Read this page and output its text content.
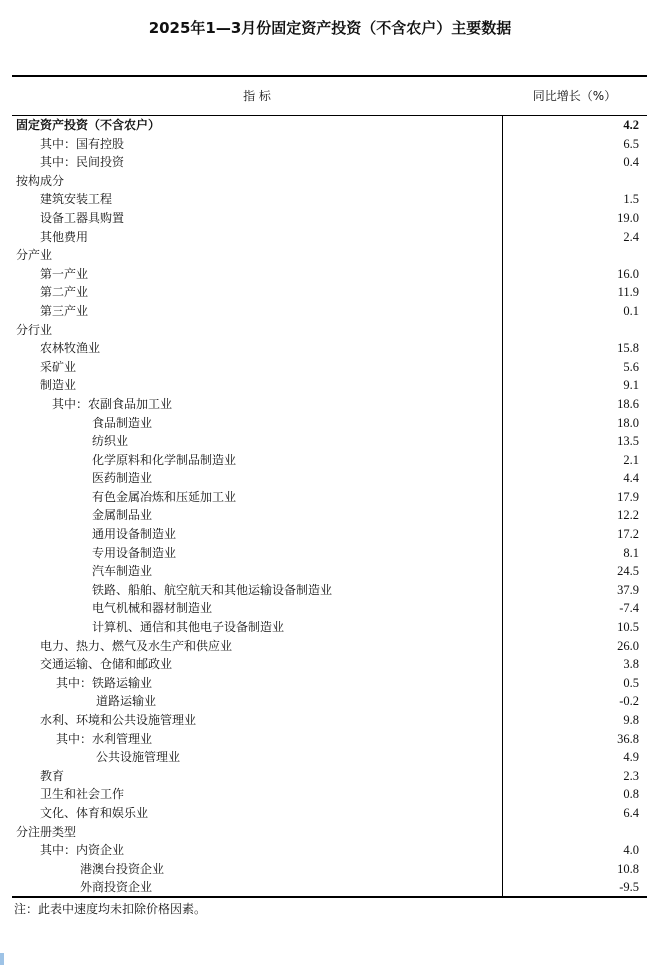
2025年1—3月份固定资产投资（不含农户）主要数据
指 标	同比增长（%）
固定资产投资（不含农户）	4.2
其中：国有控股	6.5
其中：民间投资	0.4
按构成分
建筑安装工程	1.5
设备工器具购置	19.0
其他费用	2.4
分产业
第一产业	16.0
第二产业	11.9
第三产业	0.1
分行业
农林牧渔业	15.8
采矿业	5.6
制造业	9.1
其中：农副食品加工业	18.6
食品制造业	18.0
纺织业	13.5
化学原料和化学制品制造业	2.1
医药制造业	4.4
有色金属冶炼和压延加工业	17.9
金属制品业	12.2
通用设备制造业	17.2
专用设备制造业	8.1
汽车制造业	24.5
铁路、船舶、航空航天和其他运输设备制造业	37.9
电气机械和器材制造业	-7.4
计算机、通信和其他电子设备制造业	10.5
电力、热力、燃气及水生产和供应业	26.0
交通运输、仓储和邮政业	3.8
其中：铁路运输业	0.5
道路运输业	-0.2
水利、环境和公共设施管理业	9.8
其中：水利管理业	36.8
公共设施管理业	4.9
教育	2.3
卫生和社会工作	0.8
文化、体育和娱乐业	6.4
分注册类型
其中：内资企业	4.0
港澳台投资企业	10.8
外商投资企业	-9.5
注：此表中速度均未扣除价格因素。
